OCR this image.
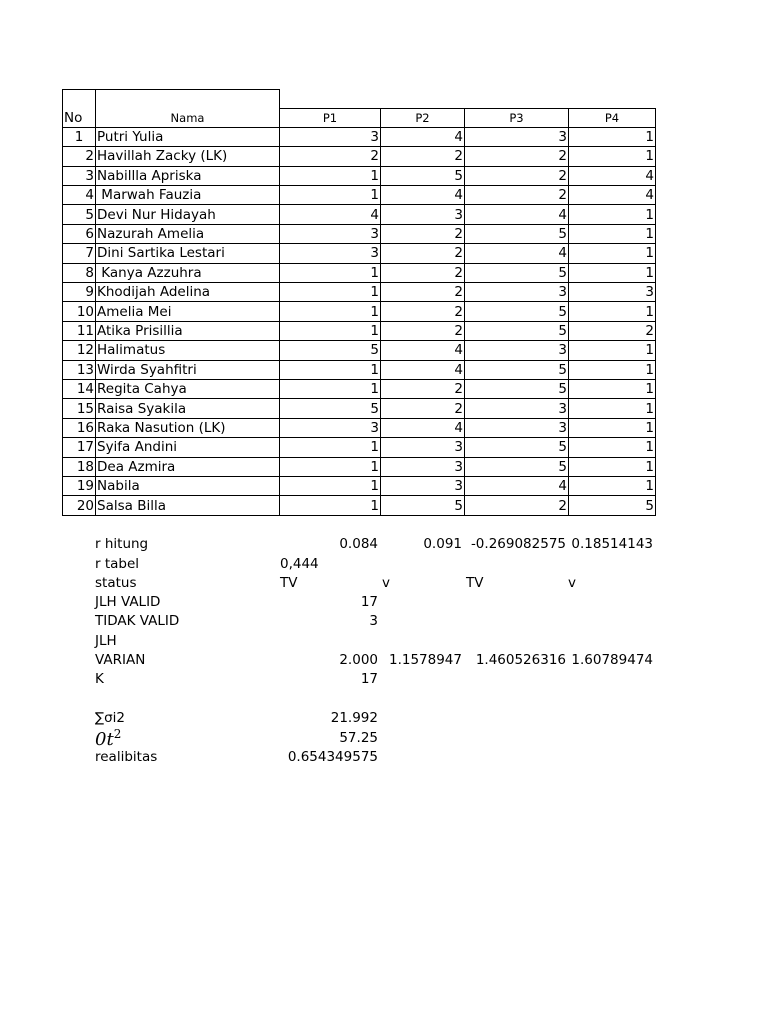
No	Nama				
		P1	P2	P3	P4
1	Putri Yulia	3	4	3	1
2	Havillah Zacky (LK)	2	2	2	1
3	Nabillla Apriska	1	5	2	4
4	Marwah Fauzia	1	4	2	4
5	Devi Nur Hidayah	4	3	4	1
6	Nazurah Amelia	3	2	5	1
7	Dini Sartika Lestari	3	2	4	1
8	Kanya Azzuhra	1	2	5	1
9	Khodijah Adelina	1	2	3	3
10	Amelia Mei	1	2	5	1
11	Atika Prisillia	1	2	5	2
12	Halimatus	5	4	3	1
13	Wirda Syahfitri	1	4	5	1
14	Regita Cahya	1	2	5	1
15	Raisa Syakila	5	2	3	1
16	Raka Nasution (LK)	3	4	3	1
17	Syifa Andini	1	3	5	1
18	Dea Azmira	1	3	5	1
19	Nabila	1	3	4	1
20	Salsa Billa	1	5	2	5
r hitung	0.084	0.091 -0.269082575 0.18514143
r tabel	0,444
status	TV	v	TV	v
JLH VALID	17
TIDAK VALID	3
JLH
VARIAN	2.000 1.1578947	1.460526316 1.60789474
K	17
∑σi2	21.992
$0t^2$	57.25
realibitas	0.654349575
